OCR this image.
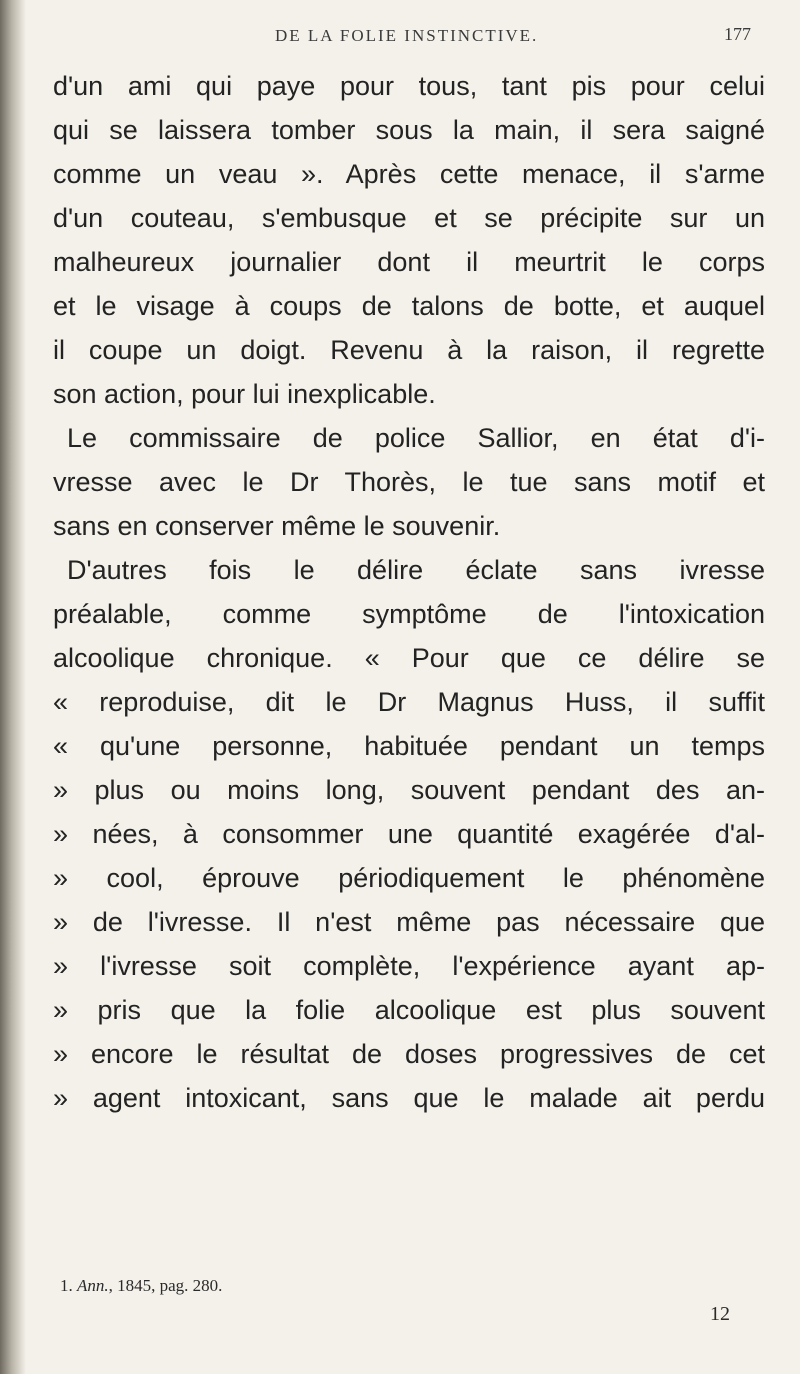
DE LA FOLIE INSTINCTIVE.	177
d'un ami qui paye pour tous, tant pis pour celui
qui se laissera tomber sous la main, il sera saigné
comme un veau ». Après cette menace, il s'arme
d'un couteau, s'embusque et se précipite sur un
malheureux journalier dont il meurtrit le corps
et le visage à coups de talons de botte, et auquel
il coupe un doigt. Revenu à la raison, il regrette
son action, pour lui inexplicable.
Le commissaire de police Sallior, en état d'i-
vresse avec le Dr Thorès, le tue sans motif et
sans en conserver même le souvenir.
D'autres fois le délire éclate sans ivresse
préalable, comme symptôme de l'intoxication
alcoolique chronique. « Pour que ce délire se
« reproduise, dit le Dr Magnus Huss, il suffit
« qu'une personne, habituée pendant un temps
» plus ou moins long, souvent pendant des an-
» nées, à consommer une quantité exagérée d'al-
» cool, éprouve périodiquement le phénomène
» de l'ivresse. Il n'est même pas nécessaire que
» l'ivresse soit complète, l'expérience ayant ap-
» pris que la folie alcoolique est plus souvent
» encore le résultat de doses progressives de cet
» agent intoxicant, sans que le malade ait perdu
1. Ann., 1845, pag. 280.
12
